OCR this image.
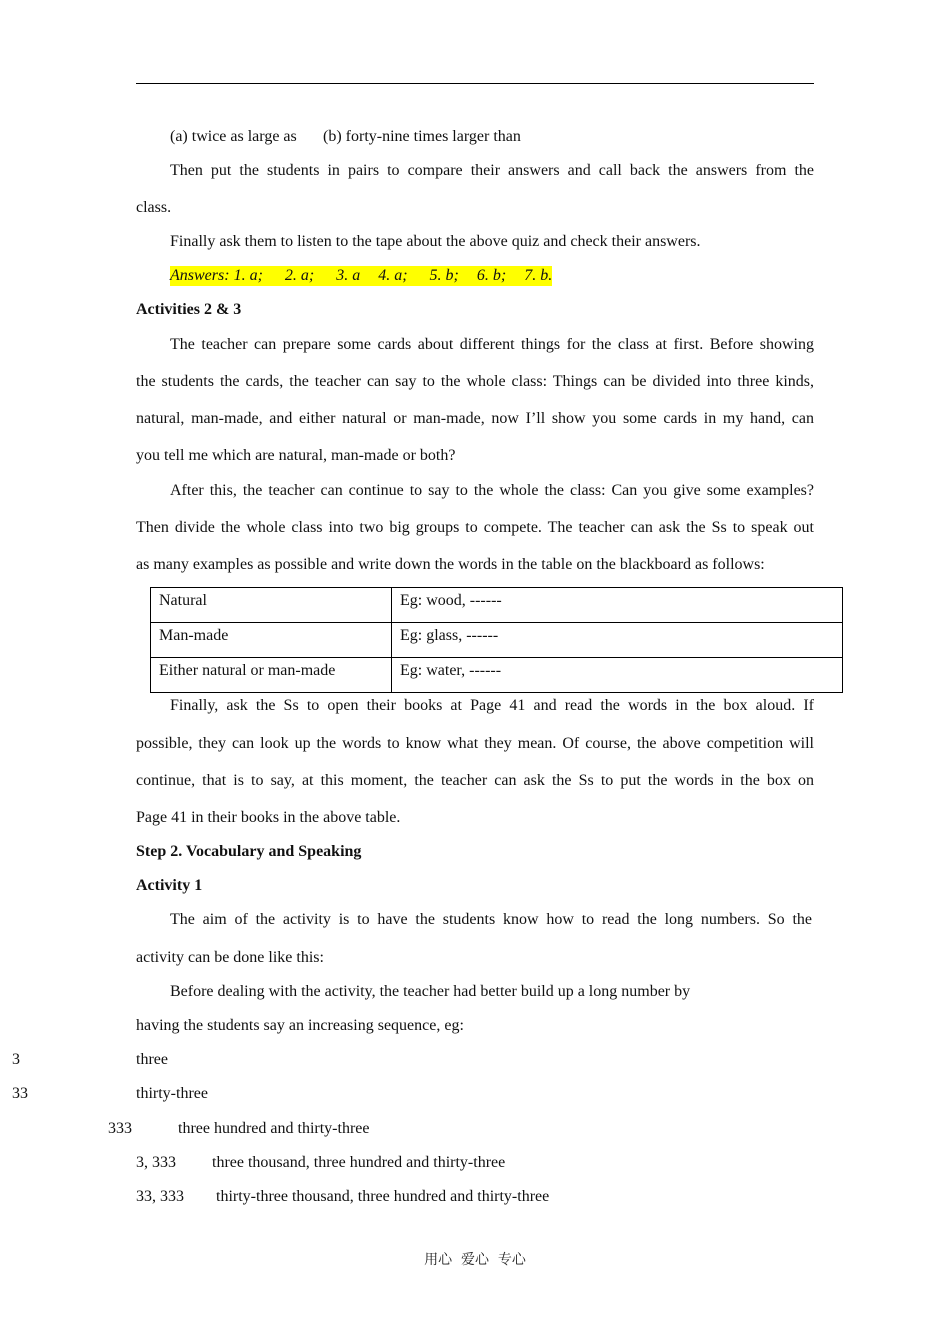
(a) twice as large as (b) forty-nine times larger than
Then put the students in pairs to compare their answers and call back the answers from the
class.
Finally ask them to listen to the tape about the above quiz and check their answers.
Answers: 1. a; 2. a; 3. a 4. a; 5. b; 6. b; 7. b.
Activities 2 & 3
The teacher can prepare some cards about different things for the class at first. Before showing
the students the cards, the teacher can say to the whole class: Things can be divided into three kinds,
natural, man-made, and either natural or man-made, now I’ll show you some cards in my hand, can
you tell me which are natural, man-made or both?
After this, the teacher can continue to say to the whole the class: Can you give some examples?
Then divide the whole class into two big groups to compete. The teacher can ask the Ss to speak out
as many examples as possible and write down the words in the table on the blackboard as follows:
Natural	Eg: wood, ------
Man-made	Eg: glass, ------
Either natural or man-made	Eg: water, ------
Finally, ask the Ss to open their books at Page 41 and read the words in the box aloud. If
possible, they can look up the words to know what they mean. Of course, the above competition will
continue, that is to say, at this moment, the teacher can ask the Ss to put the words in the box on
Page 41 in their books in the above table.
Step 2. Vocabulary and Speaking
Activity 1
The aim of the activity is to have the students know how to read the long numbers. So the
activity can be done like this:
Before dealing with the activity, the teacher had better build up a long number by
having the students say an increasing sequence, eg:
3	three
33	thirty-three
333	three hundred and thirty-three
3, 333 three thousand, three hundred and thirty-three
33, 333 thirty-three thousand, three hundred and thirty-three
用心  爱心  专心
